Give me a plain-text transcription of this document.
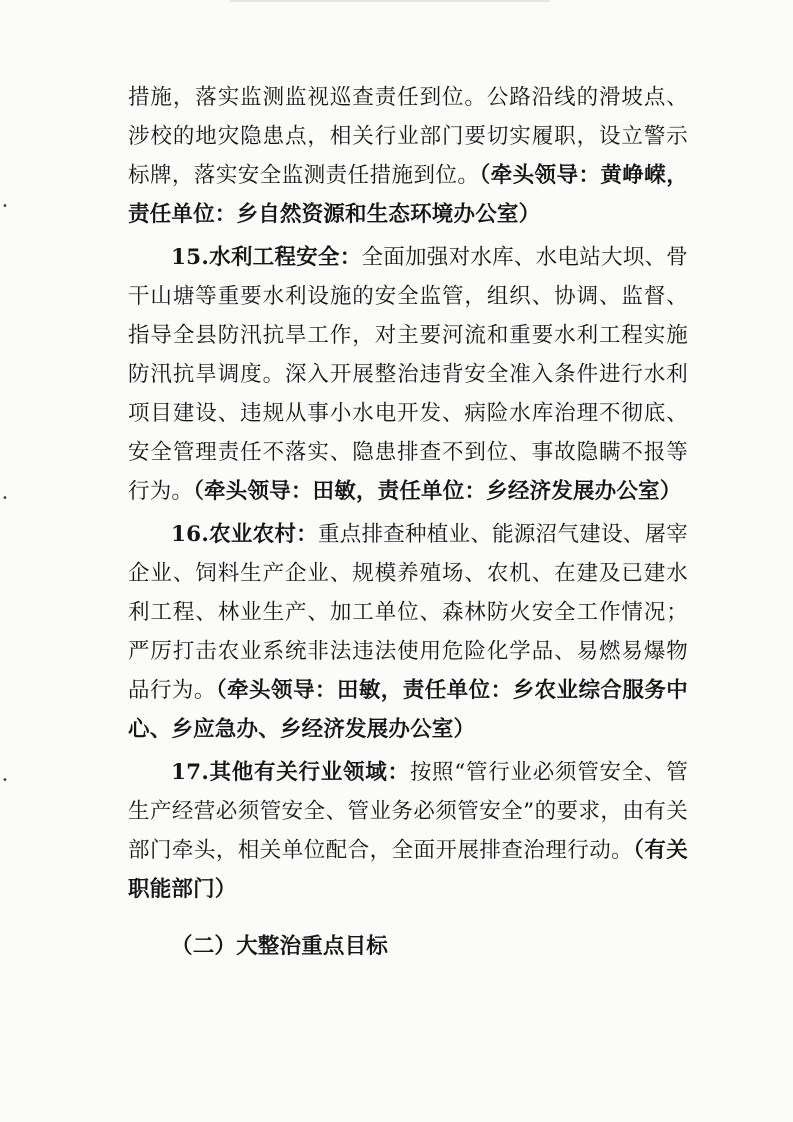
•
•
•

措施，落实监测监视巡查责任到位。公路沿线的滑坡点、涉校的地灾隐患点，相关行业部门要切实履职，设立警示标牌，落实安全监测责任措施到位。（牵头领导：黄峥嵘，责任单位：乡自然资源和生态环境办公室）

15.水利工程安全：全面加强对水库、水电站大坝、骨干山塘等重要水利设施的安全监管，组织、协调、监督、指导全县防汛抗旱工作，对主要河流和重要水利工程实施防汛抗旱调度。深入开展整治违背安全准入条件进行水利项目建设、违规从事小水电开发、病险水库治理不彻底、安全管理责任不落实、隐患排查不到位、事故隐瞒不报等行为。（牵头领导：田敏，责任单位：乡经济发展办公室）

16.农业农村：重点排查种植业、能源沼气建设、屠宰企业、饲料生产企业、规模养殖场、农机、在建及已建水利工程、林业生产、加工单位、森林防火安全工作情况；严厉打击农业系统非法违法使用危险化学品、易燃易爆物品行为。（牵头领导：田敏，责任单位：乡农业综合服务中心、乡应急办、乡经济发展办公室）

17.其他有关行业领域：按照“管行业必须管安全、管生产经营必须管安全、管业务必须管安全”的要求，由有关部门牵头，相关单位配合，全面开展排查治理行动。（有关职能部门）

（二）大整治重点目标
